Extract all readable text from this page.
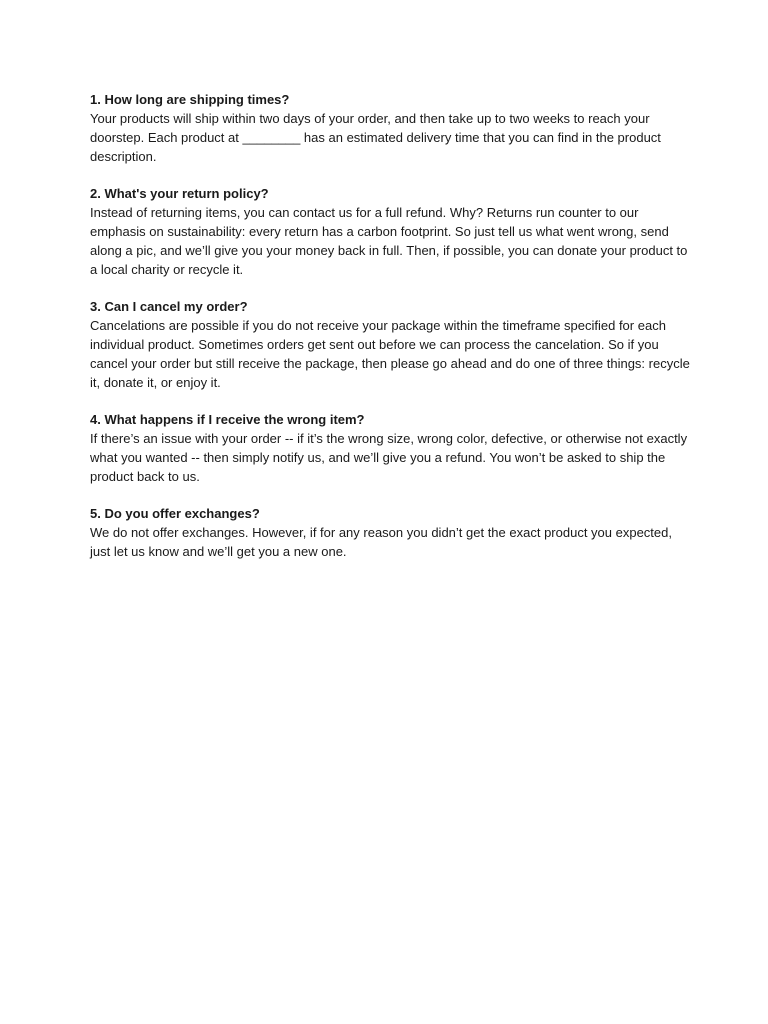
1. How long are shipping times?

Your products will ship within two days of your order, and then take up to two weeks to reach your doorstep. Each product at ________ has an estimated delivery time that you can find in the product description.

2. What's your return policy?

Instead of returning items, you can contact us for a full refund. Why? Returns run counter to our emphasis on sustainability: every return has a carbon footprint. So just tell us what went wrong, send along a pic, and we’ll give you your money back in full. Then, if possible, you can donate your product to a local charity or recycle it.

3. Can I cancel my order?

Cancelations are possible if you do not receive your package within the timeframe specified for each individual product. Sometimes orders get sent out before we can process the cancelation. So if you cancel your order but still receive the package, then please go ahead and do one of three things: recycle it, donate it, or enjoy it.

4. What happens if I receive the wrong item?

If there’s an issue with your order -- if it’s the wrong size, wrong color, defective, or otherwise not exactly what you wanted -- then simply notify us, and we’ll give you a refund. You won’t be asked to ship the product back to us.

5. Do you offer exchanges?

We do not offer exchanges. However, if for any reason you didn’t get the exact product you expected, just let us know and we’ll get you a new one.
